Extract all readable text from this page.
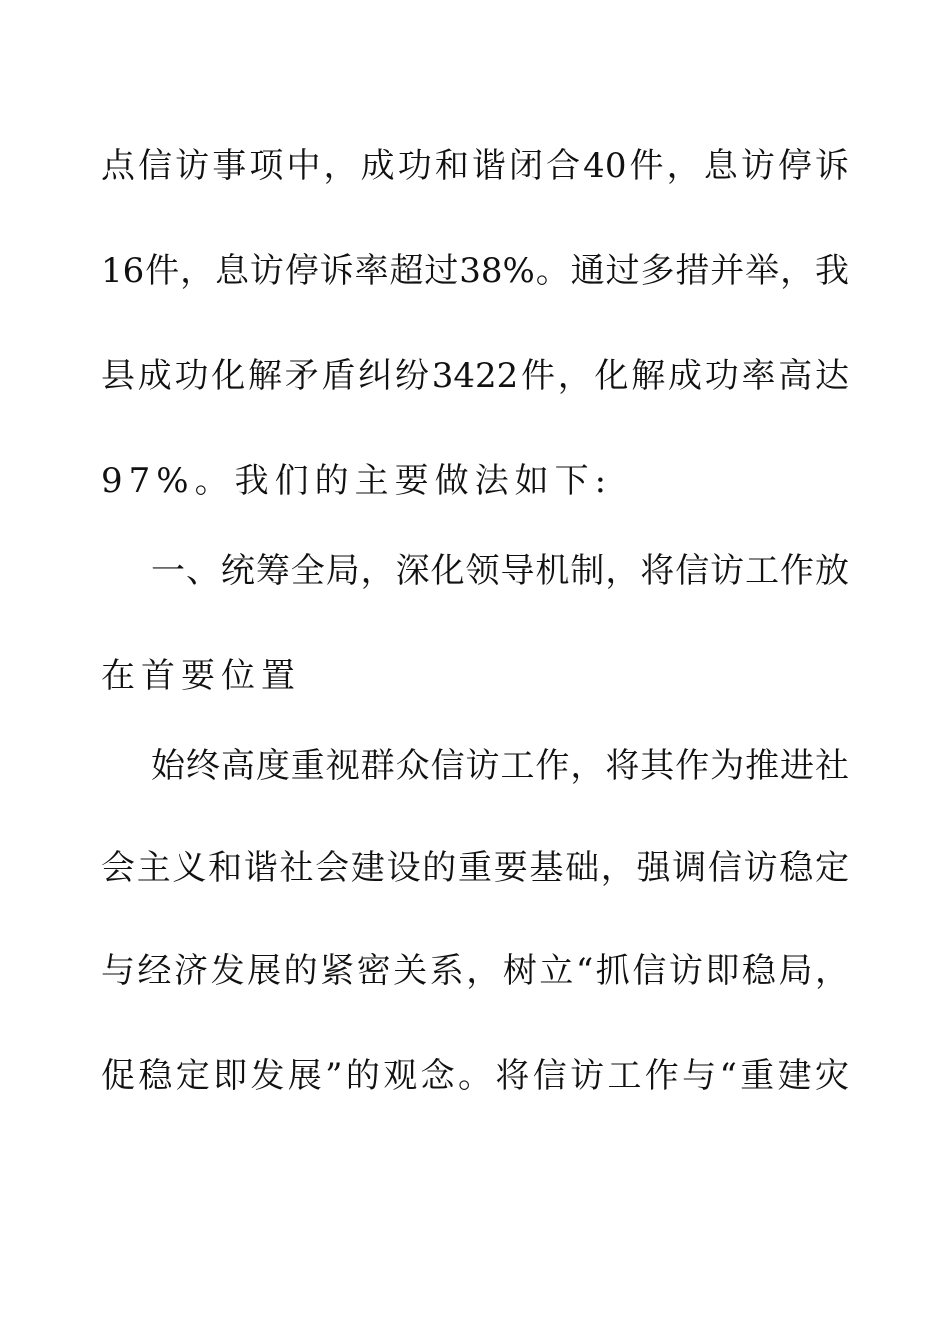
点信访事项中，成功和谐闭合40件，息访停诉
16件，息访停诉率超过38%。通过多措并举，我
县成功化解矛盾纠纷3422件，化解成功率高达
97%。我们的主要做法如下:
一、统筹全局，深化领导机制，将信访工作放
在首要位置
始终高度重视群众信访工作，将其作为推进社
会主义和谐社会建设的重要基础，强调信访稳定
与经济发展的紧密关系，树立“抓信访即稳局，
促稳定即发展”的观念。将信访工作与“重建灾
